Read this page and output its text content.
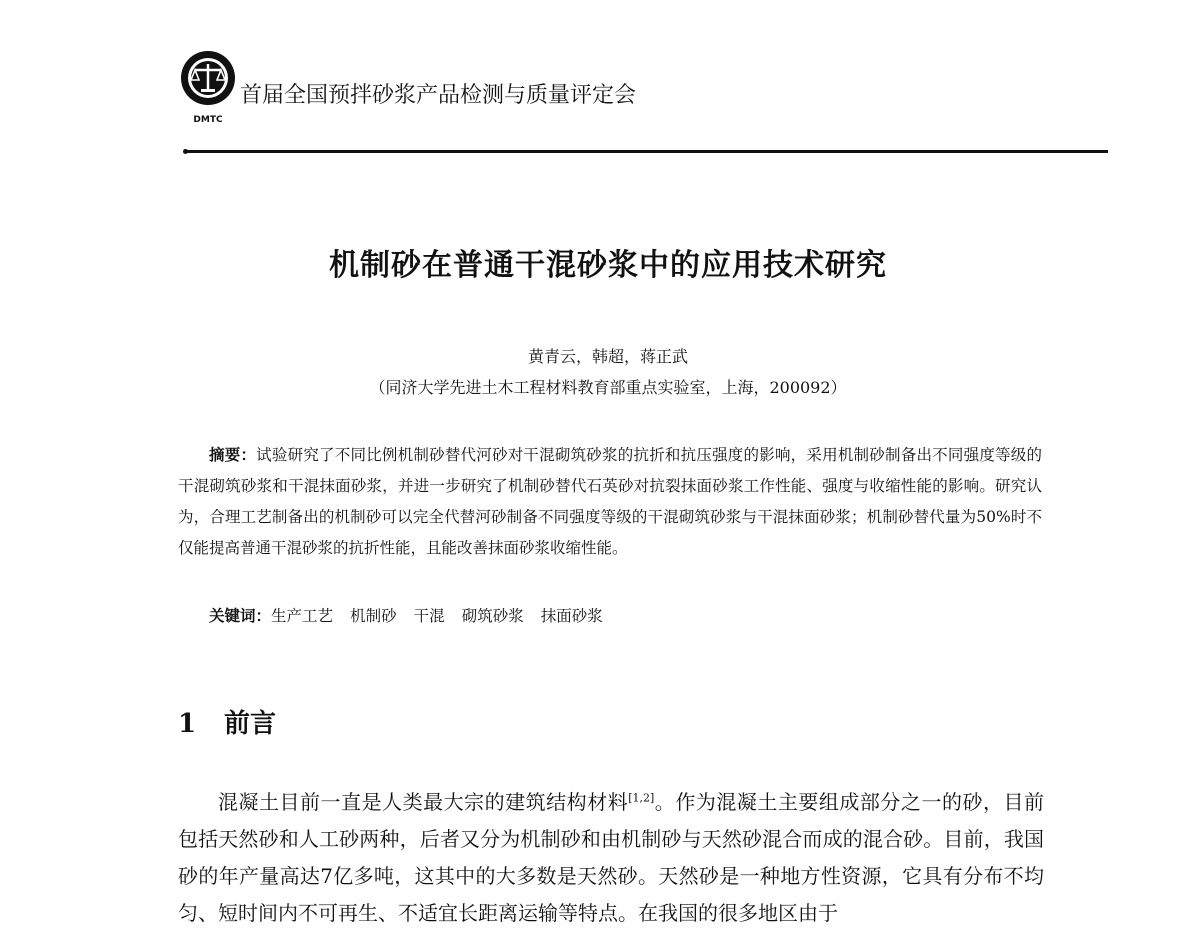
DMTC
首届全国预拌砂浆产品检测与质量评定会
机制砂在普通干混砂浆中的应用技术研究
黄青云，韩超，蒋正武
（同济大学先进土木工程材料教育部重点实验室，上海，200092）
摘要：试验研究了不同比例机制砂替代河砂对干混砌筑砂浆的抗折和抗压强度的影响，采用机制砂制备出不同强度等级的干混砌筑砂浆和干混抹面砂浆，并进一步研究了机制砂替代石英砂对抗裂抹面砂浆工作性能、强度与收缩性能的影响。研究认为，合理工艺制备出的机制砂可以完全代替河砂制备不同强度等级的干混砌筑砂浆与干混抹面砂浆；机制砂替代量为50%时不仅能提高普通干混砂浆的抗折性能，且能改善抹面砂浆收缩性能。
关键词：生产工艺 机制砂 干混 砌筑砂浆 抹面砂浆
1 前言
混凝土目前一直是人类最大宗的建筑结构材料[1,2]。作为混凝土主要组成部分之一的砂，目前包括天然砂和人工砂两种，后者又分为机制砂和由机制砂与天然砂混合而成的混合砂。目前，我国砂的年产量高达7亿多吨，这其中的大多数是天然砂。天然砂是一种地方性资源，它具有分布不均匀、短时间内不可再生、不适宜长距离运输等特点。在我国的很多地区由于
